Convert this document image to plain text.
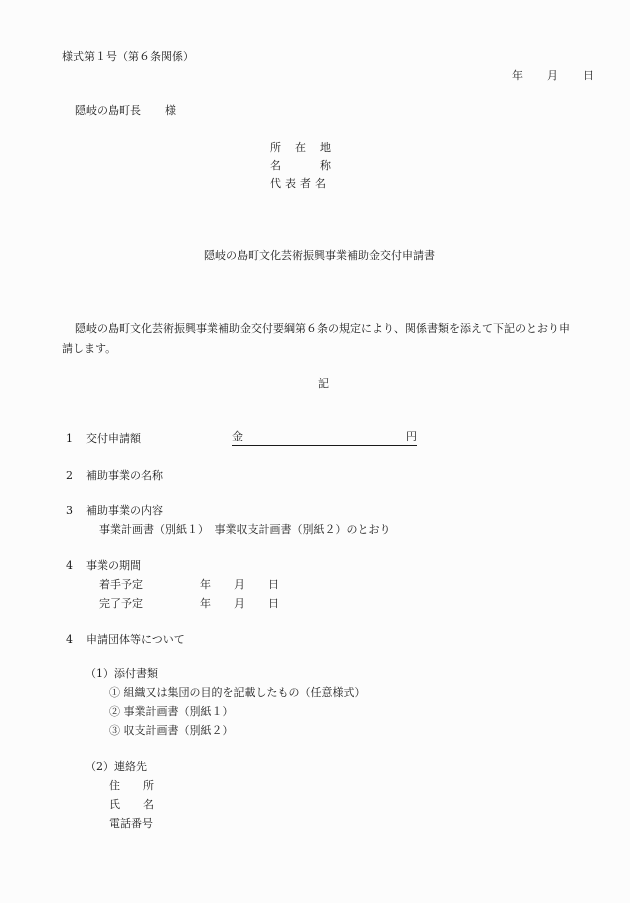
様式第１号（第６条関係）
年 月 日
隠岐の島町長 様
所 在 地
名	称
代表者名
隠岐の島町文化芸術振興事業補助金交付申請書
隠岐の島町文化芸術振興事業補助金交付要綱第６条の規定により、関係書類を添えて下記のとおり申
請します。
記
1 交付申請額	金	円
2 補助事業の名称
3 補助事業の内容
事業計画書（別紙１）　事業収支計画書（別紙２）のとおり
4 事業の期間
着手予定	年 月 日
完了予定	年 月 日
4 申請団体等について
（1）添付書類
① 組織又は集団の目的を記載したもの（任意様式）
② 事業計画書（別紙１）
③ 収支計画書（別紙２）
（2）連絡先
住 所
氏 名
電話番号
